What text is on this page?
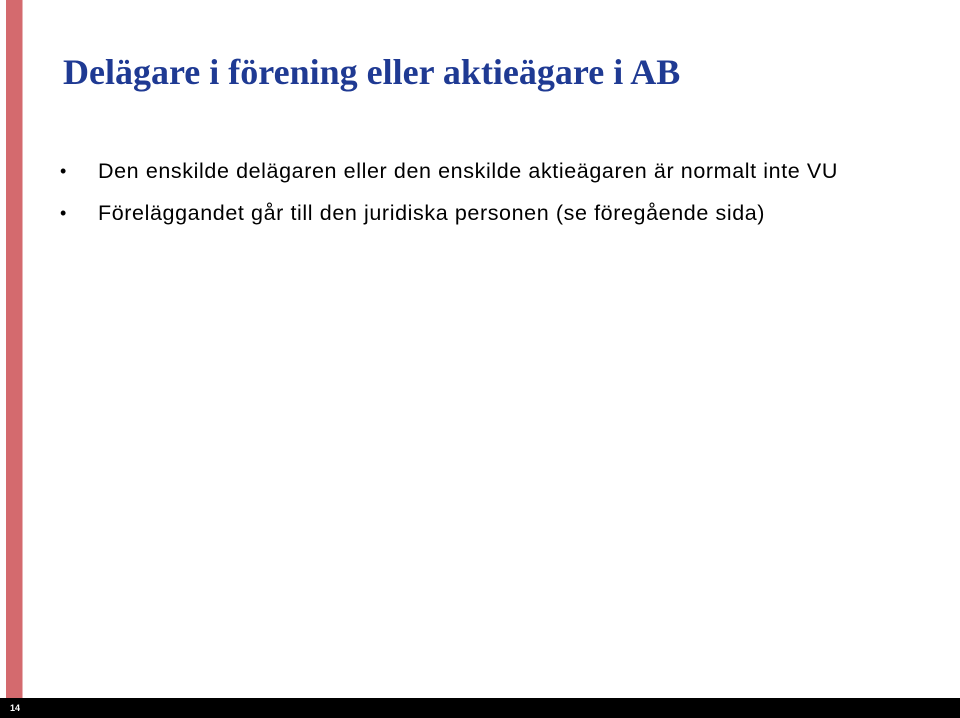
Delägare i förening eller aktieägare i AB
• Den enskilde delägaren eller den enskilde aktieägaren är normalt inte VU
• Föreläggandet går till den juridiska personen (se föregående sida)
14
